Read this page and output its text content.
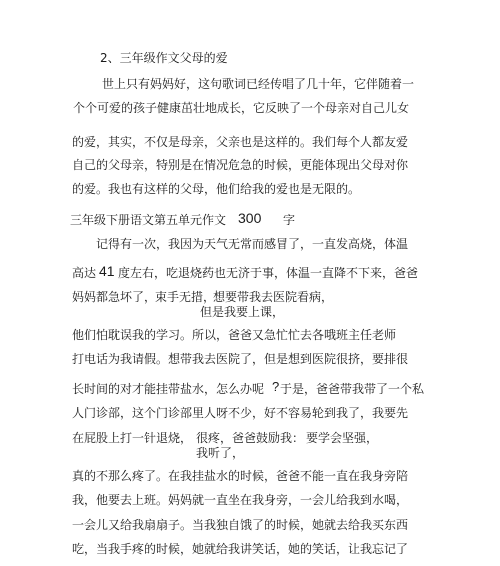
2、三年级作文父母的爱
世上只有妈妈好，这句歌词已经传唱了几十年，它伴随着一
个个可爱的孩子健康茁壮地成长，它反映了一个母亲对自己儿女
的爱，其实，不仅是母亲，父亲也是这样的。我们每个人都友爱
自己的父母亲，特别是在情况危急的时候，更能体现出父母对你
的爱。我也有这样的父母，他们给我的爱也是无限的。
三年级下册语文第五单元作文 300 字
记得有一次，我因为天气无常而感冒了，一直发高烧，体温
高达 41 度左右，吃退烧药也无济于事，体温一直降不下来，爸爸
妈妈都急坏了，
束手无措，
想要带我去医院看病，
但是我要上课，
他们怕耽误我的学习。所以，爸爸又急忙忙去各哦班主任老师
打电话为我请假。想带我去医院了，但是想到医院很挤，要排很
长时间的对才能挂带盐水，怎么办呢 ? 于是，爸爸带我带了一个私
人门诊部，这个门诊部里人呀不少，好不容易轮到我了，我要先
在屁股上打一针退烧， 很疼， 爸爸鼓励我： 要学会坚强，
我听了，
真的不那么疼了。在我挂盐水的时候，爸爸不能一直在我身旁陪
我，他要去上班。妈妈就一直坐在我身旁，一会儿给我到水喝，
一会儿又给我扇扇子。当我独自饿了的时候，她就去给我买东西
吃，当我手疼的时候，她就给我讲笑话，她的笑话，让我忘记了
